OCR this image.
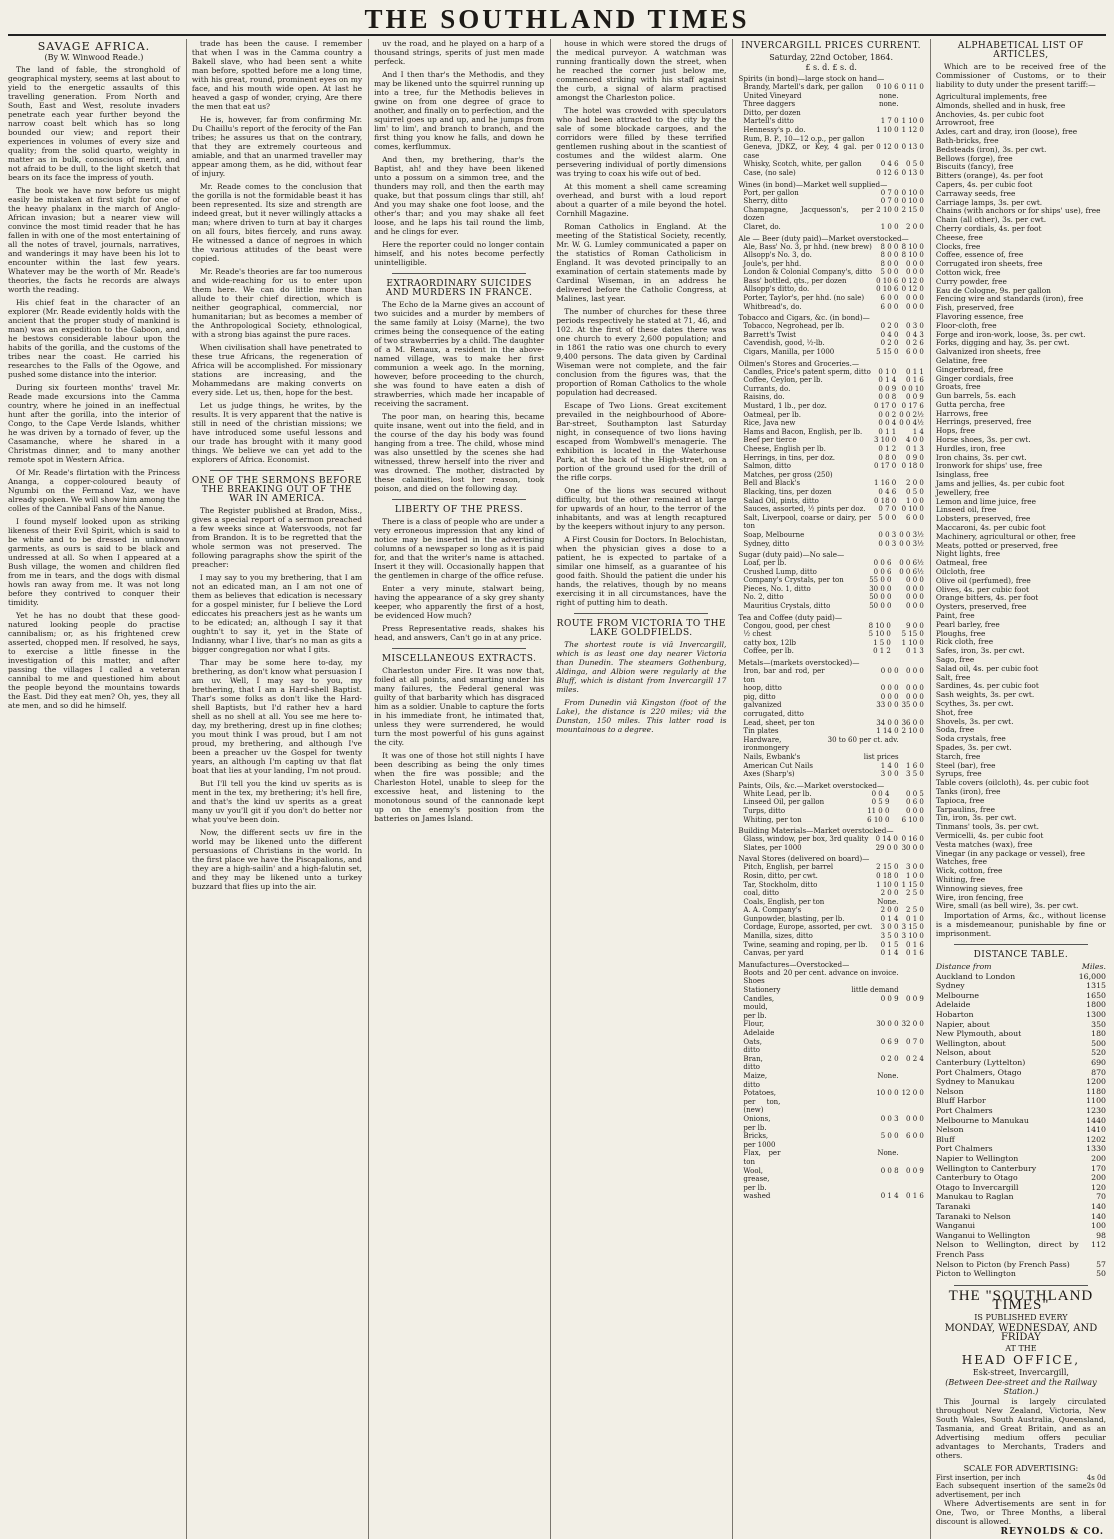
THE SOUTHLAND TIMES
SAVAGE AFRICA.
(By W. Winwood Reade.)

The land of fable, the stronghold of geographical mystery, seems at last about to yield to the energetic assaults of this travelling generation. From North and South, East and West, resolute invaders penetrate each year further beyond the narrow coast belt which has so long bounded our view; and report their experiences in volumes of every size and quality; from the solid quarto, weighty in matter as in bulk, conscious of merit, and not afraid to be dull, to the light sketch that bears on its face the impress of youth.

The book we have now before us might easily be mistaken at first sight for one of the heavy phalanx in the march of Anglo-African invasion; but a nearer view will convince the most timid reader that he has fallen in with one of the most entertaining of all the notes of travel, journals, narratives, and wanderings it may have been his lot to encounter within the last few years. Whatever may be the worth of Mr. Reade's theories, the facts he records are always worth the reading.

His chief feat in the character of an explorer (Mr. Reade evidently holds with the ancient that the proper study of mankind is man) was an expedition to the Gaboon, and he bestows considerable labour upon the habits of the gorilla, and the customs of the tribes near the coast. He carried his researches to the Falls of the Ogowe, and pushed some distance into the interior.

During six fourteen months' travel Mr. Reade made excursions into the Camma country, where he joined in an ineffectual hunt after the gorilla, into the interior of Congo, to the Cape Verde Islands, whither he was driven by a tornado of fever, up the Casamanche, where he shared in a Christmas dinner, and to many another remote spot in Western Africa.

Of Mr. Reade's flirtation with the Princess Ananga, a copper-coloured beauty of Ngumbi on the Fernand Vaz, we have already spoken. We will show him among the colles of the Cannibal Fans of the Nanue.

I found myself looked upon as striking likeness of their Evil Spirit, which is said to be white and to be dressed in unknown garments, as ours is said to be black and undressed at all. So when I appeared at a Bush village, the women and children fled from me in tears, and the dogs with dismal howls ran away from me. It was not long before they contrived to conquer their timidity.

Yet he has no doubt that these good-natured looking people do practise cannibalism; or, as his frightened crew asserted, chopped men. If resolved, he says, to exercise a little finesse in the investigation of this matter, and after passing the villages I called a veteran cannibal to me and questioned him about the people beyond the mountains towards the East. Did they eat men? Oh, yes, they all ate men, and so did he himself.

trade has been the cause. I remember that when I was in the Camma country a Bakell slave, who had been sent a white man before, spotted before me a long time, with his great, round, prominent eyes on my face, and his mouth wide open. At last he heaved a gasp of wonder, crying, Are there the men that eat us?

He is, however, far from confirming Mr. Du Chaillu's report of the ferocity of the Fan tribes; he assures us that on the contrary, that they are extremely courteous and amiable, and that an unarmed traveller may appear among them, as he did, without fear of injury.

Mr. Reade comes to the conclusion that the gorilla is not the formidable beast it has been represented. Its size and strength are indeed great, but it never willingly attacks a man; where driven to turn at bay it charges on all fours, bites fiercely, and runs away. He witnessed a dance of negroes in which the various attitudes of the beast were copied.

Mr. Reade's theories are far too numerous and wide-reaching for us to enter upon them here. We can do little more than allude to their chief direction, which is neither geographical, commercial, nor humanitarian; but as becomes a member of the Anthropological Society, ethnological, with a strong bias against the pure races.

When civilisation shall have penetrated to these true Africans, the regeneration of Africa will be accomplished. For missionary stations are increasing, and the Mohammedans are making converts on every side. Let us, then, hope for the best.

Let us judge things, he writes, by the results. It is very apparent that the native is still in need of the christian missions; we have introduced some useful lessons and our trade has brought with it many good things. We believe we can yet add to the explorers of Africa. Economist.

ONE OF THE SERMONS BEFORE THE BREAKING OUT OF THE WAR IN AMERICA.

The Register published at Bradon, Miss., gives a special report of a sermon preached a few weeks since at Watersvoods, not far from Brandon. It is to be regretted that the whole sermon was not preserved. The following paragraphs show the spirit of the preacher:

I may say to you my brethering, that I am not an edicated man, an I am not one of them as believes that edication is necessary for a gospel minister, fur I believe the Lord ediccates his preachers jest as he wants um to be edicated; an, although I say it that oughtn't to say it, yet in the State of Indianny, whar I live, thar's no man as gits a bigger congregation nor what I gits.

Thar may be some here to-day, my brethering, as don't know what persuasion I am uv. Well, I may say to you, my brethering, that I am a Hard-shell Baptist. Thar's some folks as don't like the Hard-shell Baptists, but I'd rather hev a hard shell as no shell at all. You see me here to-day, my brethering, drest up in fine clothes; you mout think I was proud, but I am not proud, my brethering, and although I've been a preacher uv the Gospel for twenty years, an although I'm capting uv that flat boat that lies at your landing, I'm not proud.

But I'll tell you the kind uv sperits as is ment in the tex, my brethering; it's hell fire, and that's the kind uv sperits as a great many uv you'll git if you don't do better nor what you've been doin.

Now, the different sects uv fire in the world may be likened unto the different persuasions of Christians in the world. In the first place we have the Piscapalions, and they are a high-sailin' and a high-falutin set, and they may be likened unto a turkey buzzard that flies up into the air.

uv the road, and he played on a harp of a thousand strings, sperits of just men made perfeck.

And I then thar's the Methodis, and they may be likened unto the squirrel running up into a tree, fur the Methodis believes in gwine on from one degree of grace to another, and finally on to perfection, and the squirrel goes up and up, and he jumps from lim' to lim', and branch to branch, and the first thing you know he falls, and down he comes, kerflummux.

And then, my brethering, thar's the Baptist, ah! and they have been likened unto a possum on a simmon tree, and the thunders may roll, and then the earth may quake, but that possum clings thar still, ah! And you may shake one foot loose, and the other's thar; and you may shake all feet loose, and he laps his tail round the limb, and he clings for ever.

Here the reporter could no longer contain himself, and his notes become perfectly unintelligible.

EXTRAORDINARY SUICIDES AND MURDERS IN FRANCE.

The Echo de la Marne gives an account of two suicides and a murder by members of the same family at Loisy (Marne), the two crimes being the consequence of the eating of two strawberries by a child. The daughter of a M. Renaux, a resident in the above-named village, was to make her first communion a week ago. In the morning, however, before proceeding to the church, she was found to have eaten a dish of strawberries, which made her incapable of receiving the sacrament.

The poor man, on hearing this, became quite insane, went out into the field, and in the course of the day his body was found hanging from a tree. The child, whose mind was also unsettled by the scenes she had witnessed, threw herself into the river and was drowned. The mother, distracted by these calamities, lost her reason, took poison, and died on the following day.

LIBERTY OF THE PRESS.

There is a class of people who are under a very erroneous impression that any kind of notice may be inserted in the advertising columns of a newspaper so long as it is paid for, and that the writer's name is attached. Insert it they will. Occasionally happen that the gentlemen in charge of the office refuse.

Enter a very minute, stalwart being, having the appearance of a sky grey shanty keeper, who apparently the first of a host, be evidenced How much?

Press Representative reads, shakes his head, and answers, Can't go in at any price.

MISCELLANEOUS EXTRACTS.

Charleston under Fire. It was now that, foiled at all points, and smarting under his many failures, the Federal general was guilty of that barbarity which has disgraced him as a soldier. Unable to capture the forts in his immediate front, he intimated that, unless they were surrendered, he would turn the most powerful of his guns against the city.

It was one of those hot still nights I have been describing as being the only times when the fire was possible; and the Charleston Hotel, unable to sleep for the excessive heat, and listening to the monotonous sound of the cannonade kept up on the enemy's position from the batteries on James Island.

house in which were stored the drugs of the medical purveyor. A watchman was running frantically down the street, when he reached the corner just below me, commenced striking with his staff against the curb, a signal of alarm practised amongst the Charleston police.

The hotel was crowded with speculators who had been attracted to the city by the sale of some blockade cargoes, and the corridors were filled by these terrified gentlemen rushing about in the scantiest of costumes and the wildest alarm. One persevering individual of portly dimensions was trying to coax his wife out of bed.

At this moment a shell came screaming overhead, and burst with a loud report about a quarter of a mile beyond the hotel. Cornhill Magazine.

Roman Catholics in England. At the meeting of the Statistical Society, recently, Mr. W. G. Lumley communicated a paper on the statistics of Roman Catholicism in England. It was devoted principally to an examination of certain statements made by Cardinal Wiseman, in an address he delivered before the Catholic Congress, at Malines, last year.

The number of churches for these three periods respectively he stated at 71, 46, and 102. At the first of these dates there was one church to every 2,600 population; and in 1861 the ratio was one church to every 9,400 persons. The data given by Cardinal Wiseman were not complete, and the fair conclusion from the figures was, that the proportion of Roman Catholics to the whole population had decreased.

Escape of Two Lions. Great excitement prevailed in the neighbourhood of Abore-Bar-street, Southampton last Saturday night, in consequence of two lions having escaped from Wombwell's menagerie. The exhibition is located in the Waterhouse Park, at the back of the High-street, on a portion of the ground used for the drill of the rifle corps.

One of the lions was secured without difficulty, but the other remained at large for upwards of an hour, to the terror of the inhabitants, and was at length recaptured by the keepers without injury to any person.

A First Cousin for Doctors. In Belochistan, when the physician gives a dose to a patient, he is expected to partake of a similar one himself, as a guarantee of his good faith. Should the patient die under his hands, the relatives, though by no means exercising it in all circumstances, have the right of putting him to death.

ROUTE FROM VICTORIA TO THE LAKE GOLDFIELDS.

The shortest route is viâ Invercargill, which is as least one day nearer Victoria than Dunedin. The steamers Gothenburg, Aldinga, and Albion were regularly at the Bluff, which is distant from Invercargill 17 miles.

From Dunedin viâ Kingston (foot of the Lake), the distance is 220 miles; viâ the Dunstan, 150 miles. This latter road is mountainous to a degree.

INVERCARGILL PRICES CURRENT.
Saturday, 22nd October, 1864.
£ s. d. £ s. d.
Spirits (in bond)—large stock on hand—
Brandy, Martell's dark, per gallon	0 10 6	0 11 0
United Vineyard	none.	
Three daggers	none.	
Ditto, per dozen		
Martell's ditto	1 7 0	1 10 0
Hennessy's p. do.	1 10 0	1 12 0
Rum, B. P., 10—12 o.p., per gallon		
Geneva, JDKZ, or Key, 4 gal. per case	0 12 0	0 13 0
Whisky, Scotch, white, per gallon	0 4 6	0 5 0
Case, (no sale)	0 12 6	0 13 0
Wines (in bond)—Market well supplied—
Port, per gallon	0 7 0	0 10 0
Sherry, ditto	0 7 0	0 10 0
Champagne, Jacquesson's, per dozen	2 10 0	2 15 0
Claret, do.	1 0 0	2 0 0
Ale — Beer (duty paid)—Market overstocked—
Ale, Bass' No. 3, pr hhd. (new brew)	8 0 0	8 10 0
Allsopp's No. 3, do.	8 0 0	8 10 0
Joule's, per hhd.	8 0 0	0 0 0
London & Colonial Company's, ditto	5 0 0	0 0 0
Bass' bottled, qts., per dozen	0 10 6	0 12 0
Allsopp's ditto, do.	0 10 6	0 12 0
Porter, Taylor's, per hhd. (no sale)	6 0 0	0 0 0
Whitbread's, do.	6 0 0	0 0 0
Tobacco and Cigars, &c. (in bond)—
Tobacco, Negrohead, per lb.	0 2 0	0 3 0
Barrett's Twist	0 4 0	0 4 3
Cavendish, good, ½-lb.	0 2 0	0 2 6
Cigars, Manilla, per 1000	5 15 0	6 0 0
Oilmen's Stores and Groceries.—
Candles, Price's patent sperm, ditto	0 1 0	0 1 1
Coffee, Ceylon, per lb.	0 1 4	0 1 6
Currants, do.	0 0 9	0 0 10
Raisins, do.	0 0 8	0 0 9
Mustard, 1 lb., per doz.	0 17 0	0 17 6
Oatmeal, per lb.	0 0 2	0 0 2½
Rice, Java new	0 0 4	0 0 4½
Hams and Bacon, English, per lb.	0 1 1	1 4
Beef per tierce	3 10 0	4 0 0
Cheese, English per lb.	0 1 2	0 1 3
Herrings, in tins, per doz.	0 8 0	0 9 0
Salmon, ditto	0 17 0	0 18 0
Matches, per gross (250)		
Bell and Black's	1 16 0	2 0 0
Blacking, tins, per dozen	0 4 6	0 5 0
Salad Oil, pints, ditto	0 18 0	1 0 0
Sauces, assorted, ½ pints per doz.	0 7 0	0 10 0
Salt, Liverpool, coarse or dairy, per ton	5 0 0	6 0 0
Soap, Melbourne	0 0 3	0 0 3½
Sydney, ditto	0 0 3	0 0 3½
Sugar (duty paid)—No sale—
Loaf, per lb.	0 0 6	0 0 6½
Crushed Lump, ditto	0 0 6	0 0 6½
Company's Crystals, per ton	55 0 0	0 0 0
Pieces, No. 1, ditto	30 0 0	0 0 0
No. 2, ditto	50 0 0	0 0 0
Mauritius Crystals, ditto	50 0 0	0 0 0
Tea and Coffee (duty paid)—
Congou, good, per chest	8 10 0	9 0 0
½ chest	5 10 0	5 15 0
catty box, 12lb	1 5 0	1 10 0
Coffee, per lb.	0 1 2	0 1 3
Metals—(markets overstocked)—
Iron, bar and rod, per ton	0 0 0	0 0 0
hoop, ditto	0 0 0	0 0 0
pig, ditto	0 0 0	0 0 0
galvanized corrugated, ditto	33 0 0	35 0 0
Lead, sheet, per ton	34 0 0	36 0 0
Tin plates	1 14 0	2 10 0
Hardware, ironmongery	30 to 60 per ct. adv.	
Nails, Ewbank's	list prices	
American Cut Nails	1 4 0	1 6 0
Axes (Sharp's)	3 0 0	3 5 0
Paints, Oils, &c.—Market overstocked—
White Lead, per lb.	0 0 4	0 0 5
Linseed Oil, per gallon	0 5 9	0 6 0
Turps, ditto	11 0 0	0 0 0
Whiting, per ton	6 10 0	6 10 0
Building Materials—Market overstocked—
Glass, window, per box, 3rd quality	0 14 0	0 16 0
Slates, per 1000	29 0 0	30 0 0
Naval Stores (delivered on board)—
Pitch, English, per barrel	2 15 0	3 0 0
Rosin, ditto, per cwt.	0 18 0	1 0 0
Tar, Stockholm, ditto	1 10 0	1 15 0
coal, ditto	2 0 0	2 5 0
Coals, English, per ton	None.	
A. A. Company's	2 0 0	2 5 0
Gunpowder, blasting, per lb.	0 1 4	0 1 0
Cordage, Europe, assorted, per cwt.	3 0 0	3 15 0
Manilla, sizes, ditto	3 5 0	3 10 0
Twine, seaming and roping, per lb.	0 1 5	0 1 6
Canvas, per yard	0 1 4	0 1 6
Manufactures—Overstocked—
Boots and Shoes	20 per cent. advance on invoice.	
Stationery	little demand	
Candles, mould, per lb.	0 0 9	0 0 9
Flour, Adelaide	30 0 0	32 0 0
Oats, ditto	0 6 9	0 7 0
Bran, ditto	0 2 0	0 2 4
Maize, ditto	None.	
Potatoes, per ton, (new)	10 0 0	12 0 0
Onions, per lb.	0 0 3	0 0 0
Bricks, per 1000	5 0 0	6 0 0
Flax, per ton	None.	
Wool, grease, per lb.	0 0 8	0 0 9
washed	0 1 4	0 1 6
ALPHABETICAL LIST OF ARTICLES,

Which are to be received free of the Commissioner of Customs, or to their liability to duty under the present tariff:—

Agricultural implements, free
Almonds, shelled and in husk, free
Anchovies, 4s. per cubic foot
Arrowroot, free
Axles, cart and dray, iron (loose), free
Bath-bricks, free
Bedsteads (iron), 3s. per cwt.
Bellows (forge), free
Biscuits (fancy), free
Bitters (orange), 4s. per foot
Capers, 4s. per cubic foot
Carraway seeds, free
Carriage lamps, 3s. per cwt.
Chains (with anchors or for ships' use), free
Chain (all other), 3s. per cwt.
Cherry cordials, 4s. per foot
Cheese, free
Clocks, free
Coffee, essence of, free
Corrugated iron sheets, free
Cotton wick, free
Curry powder, free
Eau de Cologne, 9s. per gallon
Fencing wire and standards (iron), free
Fish, preserved, free
Flavoring essence, free
Floor-cloth, free
Forge and iron-work, loose, 3s. per cwt.
Forks, digging and hay, 3s. per cwt.
Galvanized iron sheets, free
Gelatine, free
Gingerbread, free
Ginger cordials, free
Groats, free
Gun barrels, 5s. each
Gutta percha, free
Harrows, free
Herrings, preserved, free
Hops, free
Horse shoes, 3s. per cwt.
Hurdles, iron, free
Iron chains, 3s. per cwt.
Ironwork for ships' use, free
Isinglass, free
Jams and jellies, 4s. per cubic foot
Jewellery, free
Lemon and lime juice, free
Linseed oil, free
Lobsters, preserved, free
Maccaroni, 4s. per cubic foot
Machinery, agricultural or other, free
Meats, potted or preserved, free
Night lights, free
Oatmeal, free
Oilcloth, free
Olive oil (perfumed), free
Olives, 4s. per cubic foot
Orange bitters, 4s. per foot
Oysters, preserved, free
Paint, free
Pearl barley, free
Ploughs, free
Rick cloth, free
Safes, iron, 3s. per cwt.
Sago, free
Salad oil, 4s. per cubic foot
Salt, free
Sardines, 4s. per cubic foot
Sash weights, 3s. per cwt.
Scythes, 3s. per cwt.
Shot, free
Shovels, 3s. per cwt.
Soda, free
Soda crystals, free
Spades, 3s. per cwt.
Starch, free
Steel (bar), free
Syrups, free
Table covers (oilcloth), 4s. per cubic foot
Tanks (iron), free
Tapioca, free
Tarpaulins, free
Tin, iron, 3s. per cwt.
Tinmans' tools, 3s. per cwt.
Vermicelli, 4s. per cubic foot
Vesta matches (wax), free
Vinegar (in any package or vessel), free
Watches, free
Wick, cotton, free
Whiting, free
Winnowing sieves, free
Wire, iron fencing, free
Wire, small (as bell wire), 3s. per cwt.

Importation of Arms, &c., without license is a misdemeanour, punishable by fine or imprisonment.

DISTANCE TABLE.
Distance from	Miles.
Auckland to London	16,000
Sydney	1315
Melbourne	1650
Adelaide	1800
Hobarton	1300
Napier, about	350
New Plymouth, about	180
Wellington, about	500
Nelson, about	520
Canterbury (Lyttelton)	690
Port Chalmers, Otago	870
Sydney to Manukau	1200
Nelson	1180
Bluff Harbor	1100
Port Chalmers	1230
Melbourne to Manukau	1440
Nelson	1410
Bluff	1202
Port Chalmers	1330
Napier to Wellington	200
Wellington to Canterbury	170
Canterbury to Otago	200
Otago to Invercargill	120
Manukau to Raglan	70
Taranaki	140
Taranaki to Nelson	140
Wanganui	100
Wanganui to Wellington	98
Nelson to Wellington, direct by French Pass	112
Nelson to Picton (by French Pass)	57
Picton to Wellington	50
THE "SOUTHLAND TIMES"
IS PUBLISHED EVERY
MONDAY, WEDNESDAY, AND FRIDAY
AT THE
HEAD OFFICE,
Esk-street, Invercargill,
(Between Dee-street and the Railway Station.)

This Journal is largely circulated throughout New Zealand, Victoria, New South Wales, South Australia, Queensland, Tasmania, and Great Britain, and as an Advertising medium offers peculiar advantages to Merchants, Traders and others.

SCALE FOR ADVERTISING:
First insertion, per inch	4s 0d
Each subsequent insertion of the same advertisement, per inch	2s 0d

Where Advertisements are sent in for One, Two, or Three Months, a liberal discount is allowed.

REYNOLDS & CO.
